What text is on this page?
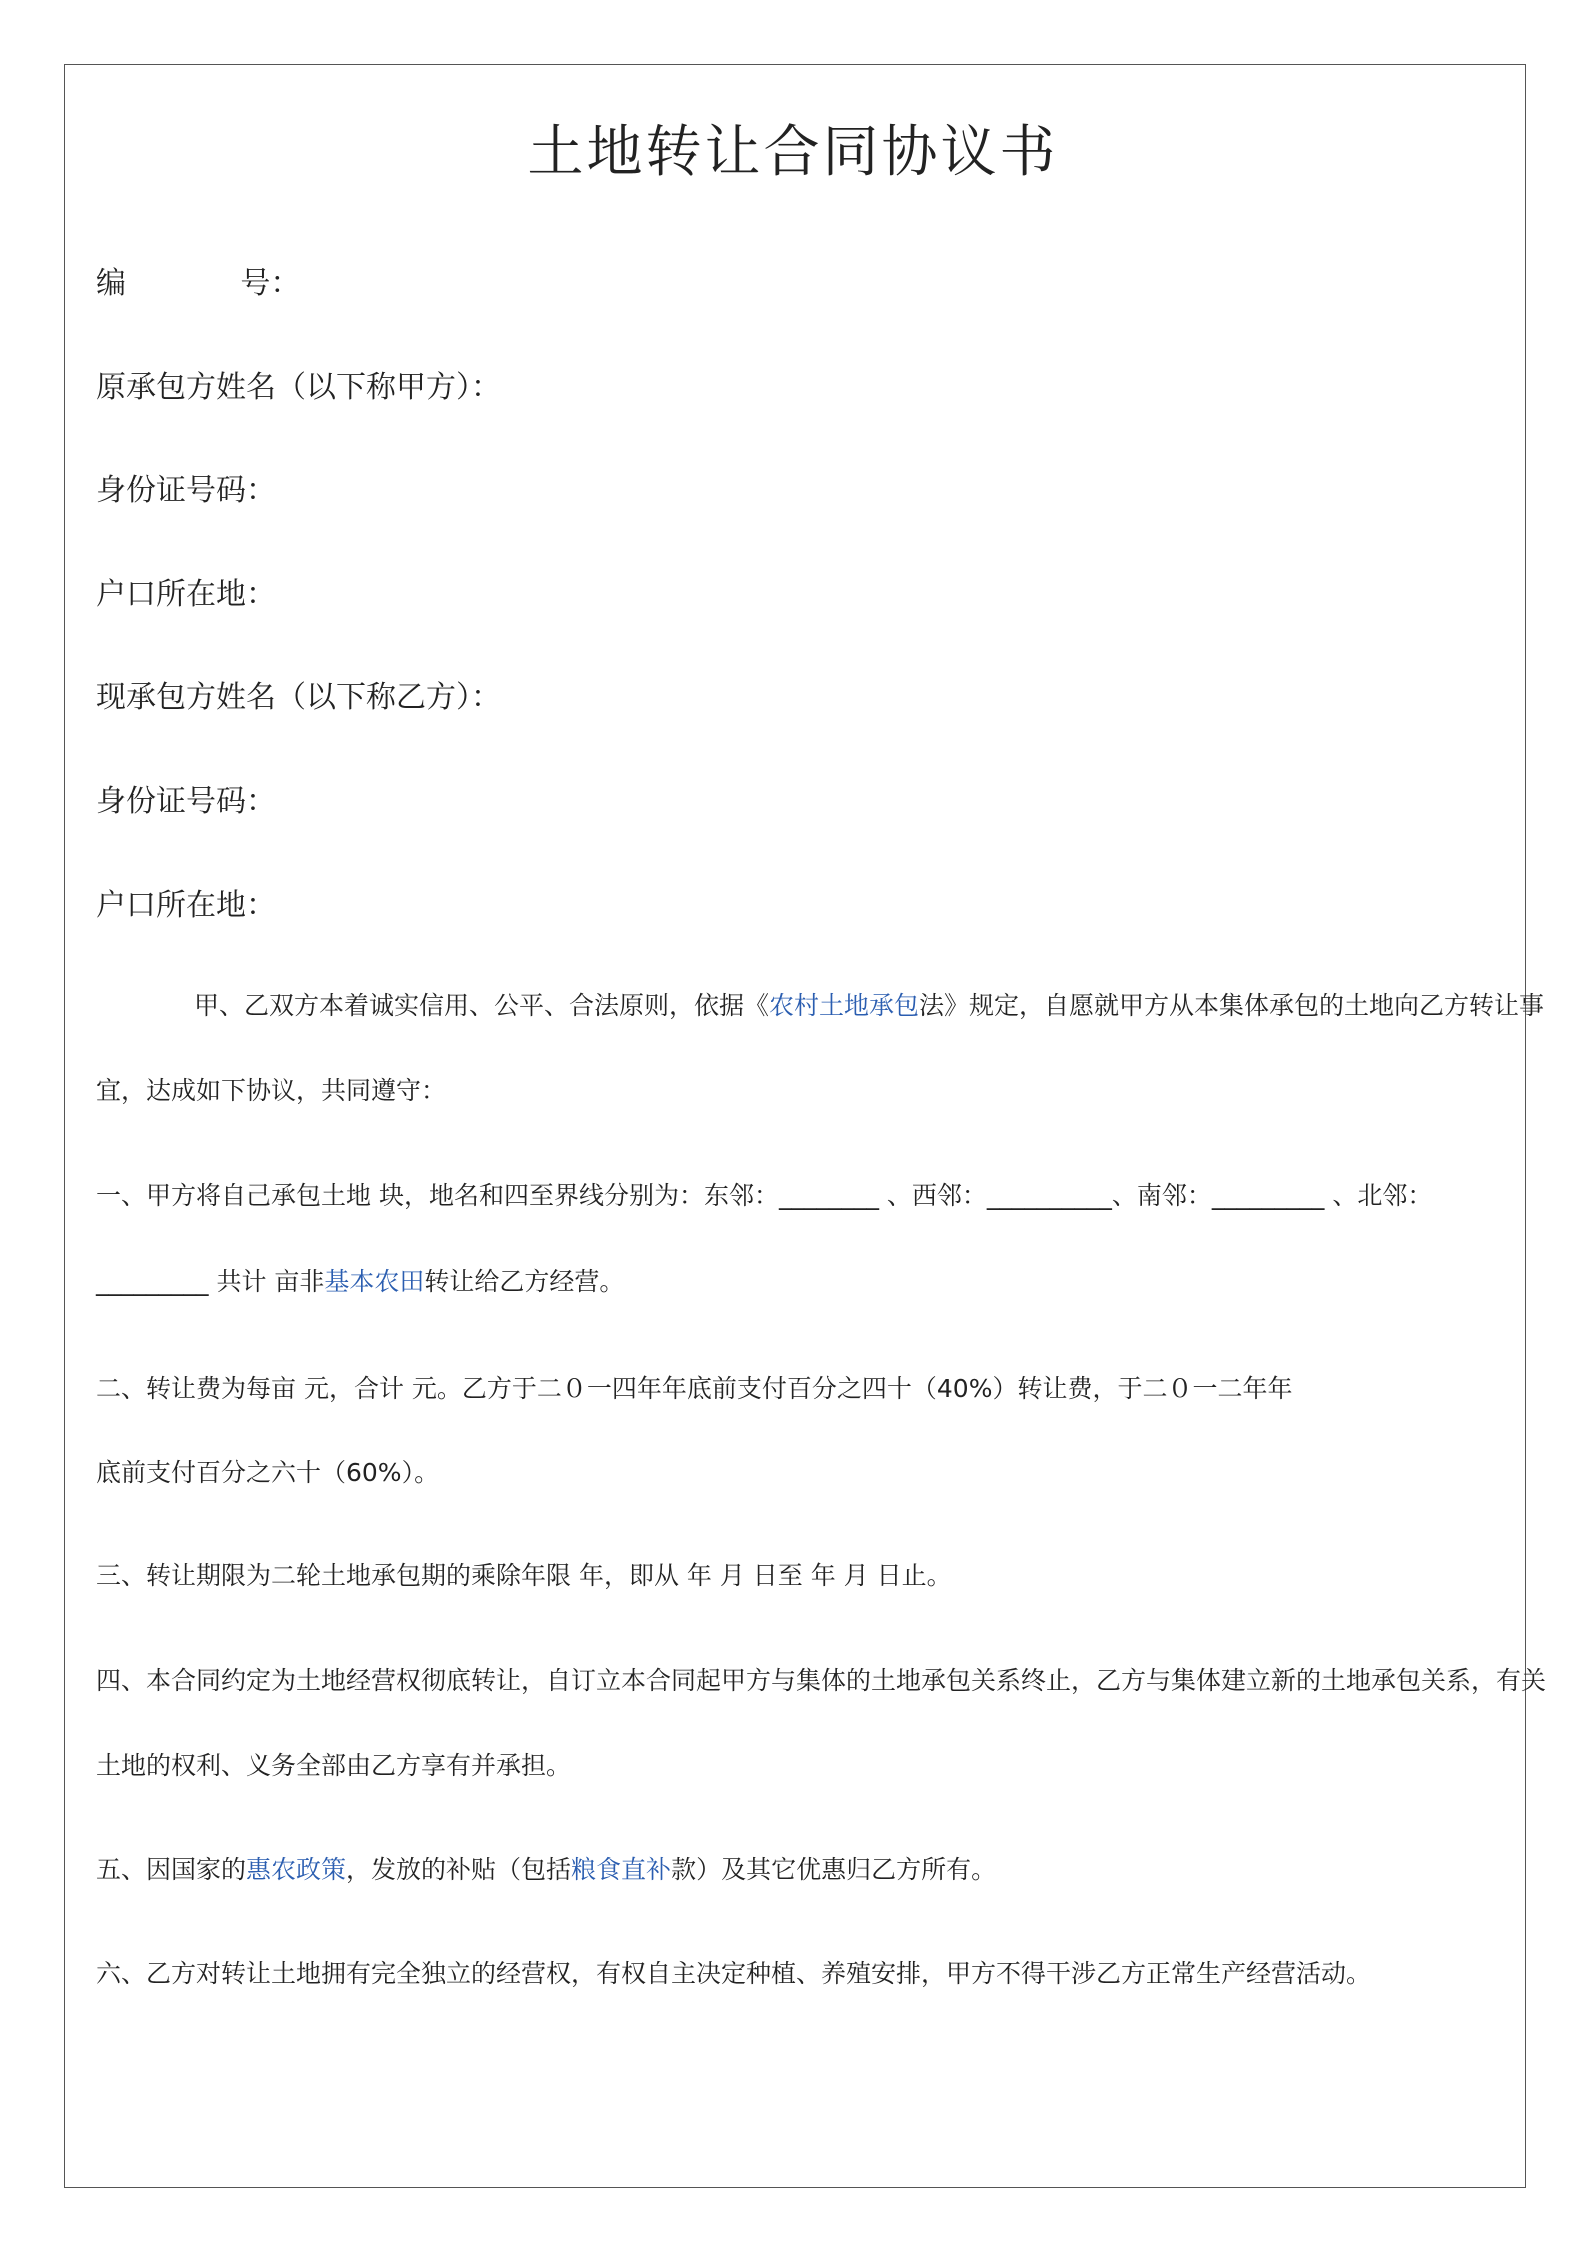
土地转让合同协议书
编            号：
原承包方姓名（以下称甲方）：
身份证号码：
户口所在地：
现承包方姓名（以下称乙方）：
身份证号码：
户口所在地：
甲、乙双方本着诚实信用、公平、合法原则，依据《农村土地承包法》规定，自愿就甲方从本集体承包的土地向乙方转让事
宜，达成如下协议，共同遵守：
一、甲方将自己承包土地 块，地名和四至界线分别为：东邻：________ 、西邻：__________、南邻：_________ 、北邻：
_________ 共计 亩非基本农田转让给乙方经营。
二、转让费为每亩 元，合计 元。乙方于二０一四年年底前支付百分之四十（40%）转让费，于二０一二年年
底前支付百分之六十（60%）。
三、转让期限为二轮土地承包期的乘除年限 年，即从 年 月 日至 年 月 日止。
四、本合同约定为土地经营权彻底转让，自订立本合同起甲方与集体的土地承包关系终止，乙方与集体建立新的土地承包关系，有关
土地的权利、义务全部由乙方享有并承担。
五、因国家的惠农政策，发放的补贴（包括粮食直补款）及其它优惠归乙方所有。
六、乙方对转让土地拥有完全独立的经营权，有权自主决定种植、养殖安排，甲方不得干涉乙方正常生产经营活动。
